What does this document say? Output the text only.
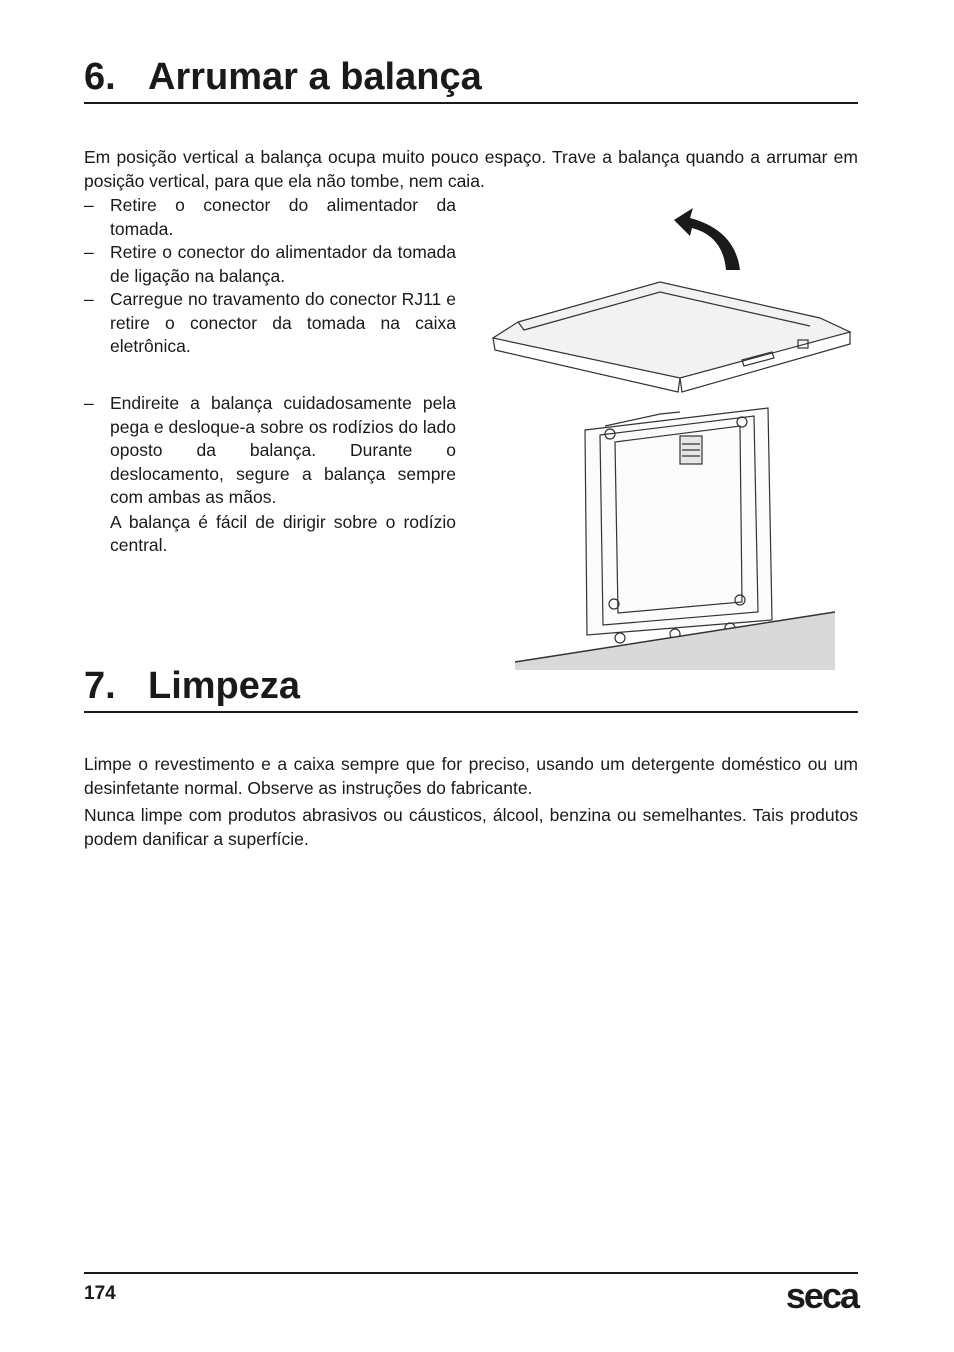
6. Arrumar a balança

Em posição vertical a balança ocupa muito pouco espaço. Trave a balança quando a arrumar em posição vertical, para que ela não tombe, nem caia.

– Retire o conector do alimentador da tomada.
– Retire o conector do alimentador da tomada de ligação na balança.
– Carregue no travamento do conector RJ11 e retire o conector da tomada na caixa eletrônica.
– Endireite a balança cuidadosamente pela pega e desloque-a sobre os rodízios do lado oposto da balança. Durante o deslocamento, segure a balança sempre com ambas as mãos.
A balança é fácil de dirigir sobre o rodízio central.
7. Limpeza

Limpe o revestimento e a caixa sempre que for preciso, usando um detergente doméstico ou um desinfetante normal. Observe as instruções do fabricante.

Nunca limpe com produtos abrasivos ou cáusticos, álcool, benzina ou semelhantes. Tais produtos podem danificar a superfície.

174	seca
